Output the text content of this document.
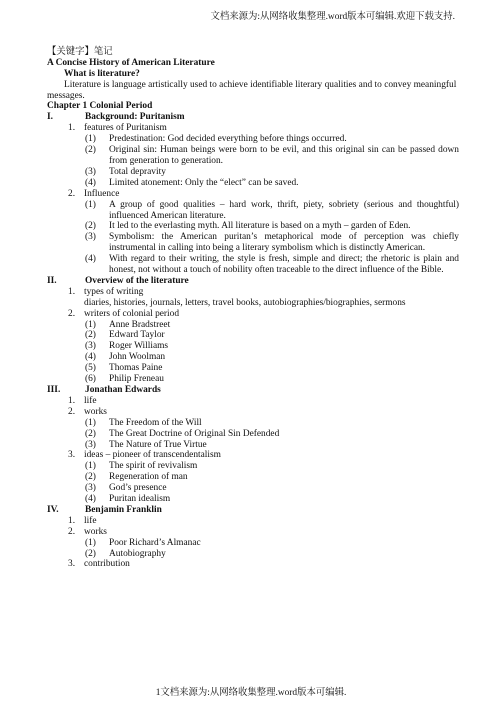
文档来源为:从网络收集整理.word版本可编辑.欢迎下载支持.
【关键字】笔记
A Concise History of American Literature
What is literature?
Literature is language artistically used to achieve identifiable literary qualities and to convey meaningful messages.
Chapter 1 Colonial Period
I.	Background: Puritanism
1. features of Puritanism
(1) Predestination: God decided everything before things occurred.
(2) Original sin: Human beings were born to be evil, and this original sin can be passed down from generation to generation.
(3) Total depravity
(4) Limited atonement: Only the “elect” can be saved.
2. Influence
(1) A group of good qualities – hard work, thrift, piety, sobriety (serious and thoughtful) influenced American literature.
(2) It led to the everlasting myth. All literature is based on a myth – garden of Eden.
(3) Symbolism: the American puritan’s metaphorical mode of perception was chiefly instrumental in calling into being a literary symbolism which is distinctly American.
(4) With regard to their writing, the style is fresh, simple and direct; the rhetoric is plain and honest, not without a touch of nobility often traceable to the direct influence of the Bible.
II.	Overview of the literature
1. types of writing
diaries, histories, journals, letters, travel books, autobiographies/biographies, sermons
2. writers of colonial period
(1) Anne Bradstreet
(2) Edward Taylor
(3) Roger Williams
(4) John Woolman
(5) Thomas Paine
(6) Philip Freneau
III.	Jonathan Edwards
1. life
2. works
(1) The Freedom of the Will
(2) The Great Doctrine of Original Sin Defended
(3) The Nature of True Virtue
3. ideas – pioneer of transcendentalism
(1) The spirit of revivalism
(2) Regeneration of man
(3) God’s presence
(4) Puritan idealism
IV.	Benjamin Franklin
1. life
2. works
(1) Poor Richard’s Almanac
(2) Autobiography
3. contribution
1文档来源为:从网络收集整理.word版本可编辑.
